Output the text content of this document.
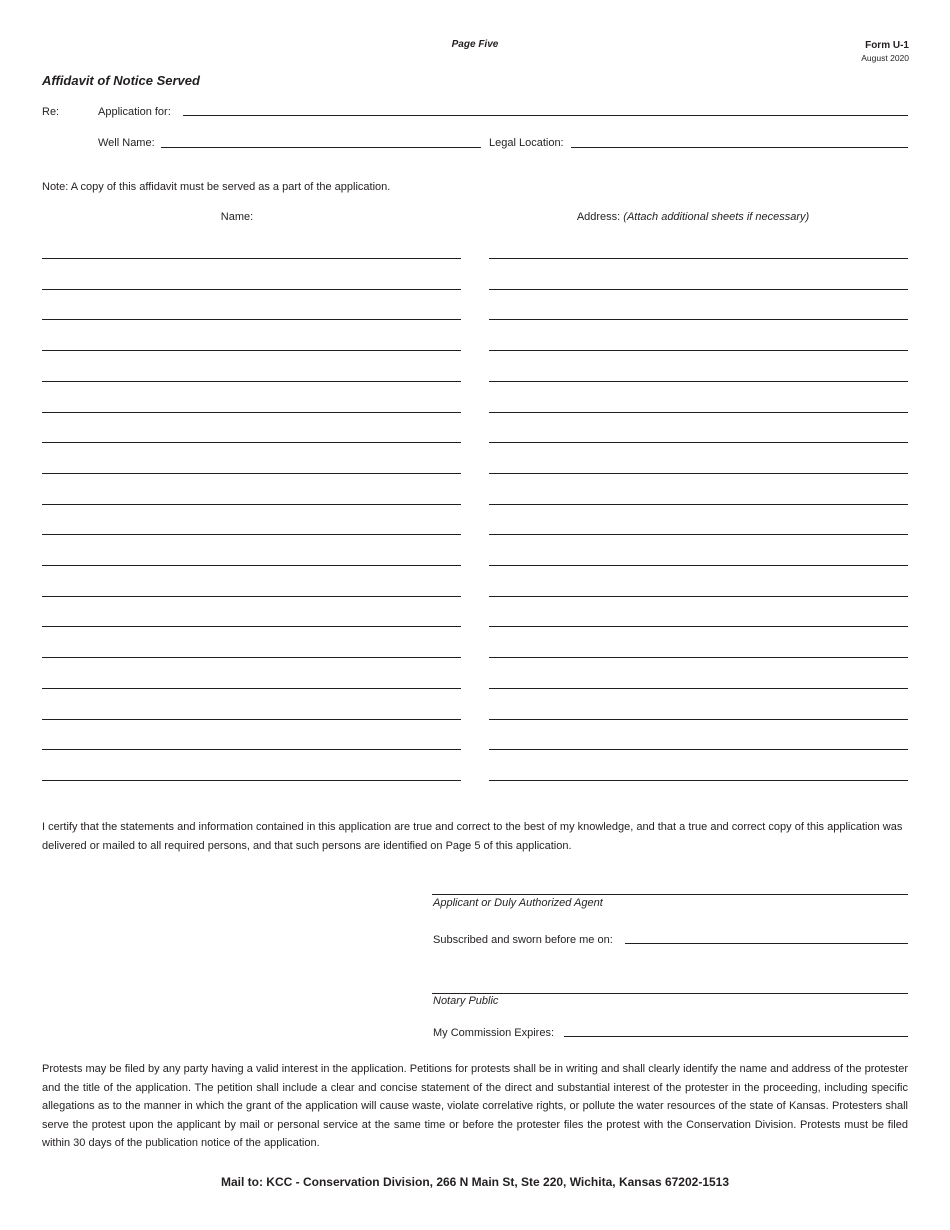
Page Five	Form U-1
August 2020
Affidavit of Notice Served
Re:	Application for:
Well Name:	Legal Location:
Note: A copy of this affidavit must be served as a part of the application.
Name:	Address: (Attach additional sheets if necessary)
I certify that the statements and information contained in this application are true and correct to the best of my knowledge, and that a true and correct copy of this application was delivered or mailed to all required persons, and that such persons are identified on Page 5 of this application.
Applicant or Duly Authorized Agent
Subscribed and sworn before me on:
Notary Public
My Commission Expires:
Protests may be filed by any party having a valid interest in the application. Petitions for protests shall be in writing and shall clearly identify the name and address of the protester and the title of the application. The petition shall include a clear and concise statement of the direct and substantial interest of the protester in the proceeding, including specific allegations as to the manner in which the grant of the application will cause waste, violate correlative rights, or pollute the water resources of the state of Kansas. Protesters shall serve the protest upon the applicant by mail or personal service at the same time or before the protester files the protest with the Conservation Division. Protests must be filed within 30 days of the publication notice of the application.
Mail to: KCC - Conservation Division, 266 N Main St, Ste 220, Wichita, Kansas 67202-1513
